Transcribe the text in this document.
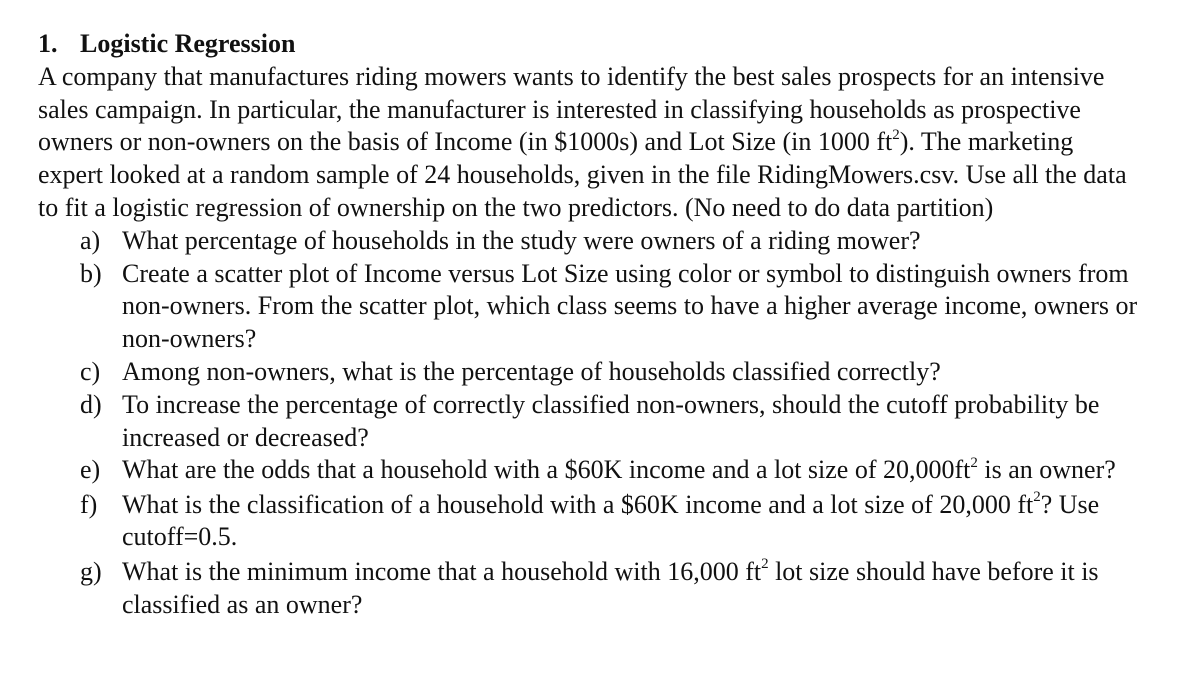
1. Logistic Regression

A company that manufactures riding mowers wants to identify the best sales prospects for an intensive sales campaign. In particular, the manufacturer is interested in classifying households as prospective owners or non-owners on the basis of Income (in $1000s) and Lot Size (in 1000 $ft^2$). The marketing expert looked at a random sample of 24 households, given in the file RidingMowers.csv. Use all the data to fit a logistic regression of ownership on the two predictors. (No need to do data partition)

a) What percentage of households in the study were owners of a riding mower?
b) Create a scatter plot of Income versus Lot Size using color or symbol to distinguish owners from non-owners. From the scatter plot, which class seems to have a higher average income, owners or non-owners?
c) Among non-owners, what is the percentage of households classified correctly?
d) To increase the percentage of correctly classified non-owners, should the cutoff probability be increased or decreased?
e) What are the odds that a household with a $60K income and a lot size of $20,000ft^2$ is an owner?
f) What is the classification of a household with a $60K income and a lot size of 20,000 $ft^2$? Use cutoff=0.5.
g) What is the minimum income that a household with 16,000 $ft^2$ lot size should have before it is classified as an owner?
